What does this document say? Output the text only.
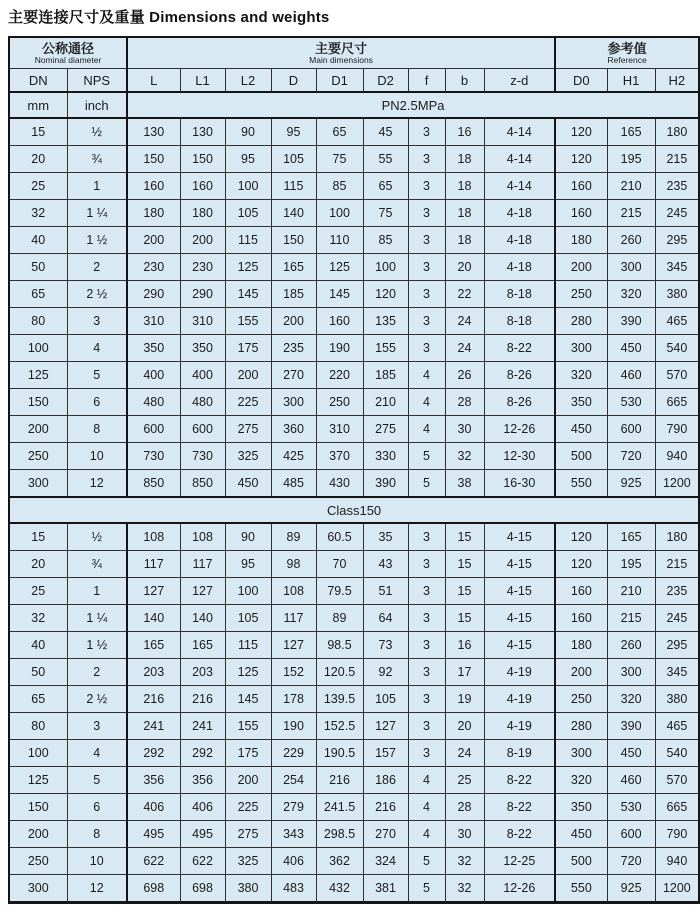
主要连接尺寸及重量 Dimensions and weights
公称通径
Nominal diameter

主要尺寸
Main dimensions

参考值
Reference

DN	NPS	L	L1	L2	D	D1	D2	f	b	z-d	D0	H1	H2
mm	inch	PN2.5MPa											
15	½	130	130	90	95	65	45	3	16	4-14	120	165	180
20	¾	150	150	95	105	75	55	3	18	4-14	120	195	215
25	1	160	160	100	115	85	65	3	18	4-14	160	210	235
32	1 ¼	180	180	105	140	100	75	3	18	4-18	160	215	245
40	1 ½	200	200	115	150	110	85	3	18	4-18	180	260	295
50	2	230	230	125	165	125	100	3	20	4-18	200	300	345
65	2 ½	290	290	145	185	145	120	3	22	8-18	250	320	380
80	3	310	310	155	200	160	135	3	24	8-18	280	390	465
100	4	350	350	175	235	190	155	3	24	8-22	300	450	540
125	5	400	400	200	270	220	185	4	26	8-26	320	460	570
150	6	480	480	225	300	250	210	4	28	8-26	350	530	665
200	8	600	600	275	360	310	275	4	30	12-26	450	600	790
250	10	730	730	325	425	370	330	5	32	12-30	500	720	940
300	12	850	850	450	485	430	390	5	38	16-30	550	925	1200
Class150													
15	½	108	108	90	89	60.5	35	3	15	4-15	120	165	180
20	¾	117	117	95	98	70	43	3	15	4-15	120	195	215
25	1	127	127	100	108	79.5	51	3	15	4-15	160	210	235
32	1 ¼	140	140	105	117	89	64	3	15	4-15	160	215	245
40	1 ½	165	165	115	127	98.5	73	3	16	4-15	180	260	295
50	2	203	203	125	152	120.5	92	3	17	4-19	200	300	345
65	2 ½	216	216	145	178	139.5	105	3	19	4-19	250	320	380
80	3	241	241	155	190	152.5	127	3	20	4-19	280	390	465
100	4	292	292	175	229	190.5	157	3	24	8-19	300	450	540
125	5	356	356	200	254	216	186	4	25	8-22	320	460	570
150	6	406	406	225	279	241.5	216	4	28	8-22	350	530	665
200	8	495	495	275	343	298.5	270	4	30	8-22	450	600	790
250	10	622	622	325	406	362	324	5	32	12-25	500	720	940
300	12	698	698	380	483	432	381	5	32	12-26	550	925	1200
